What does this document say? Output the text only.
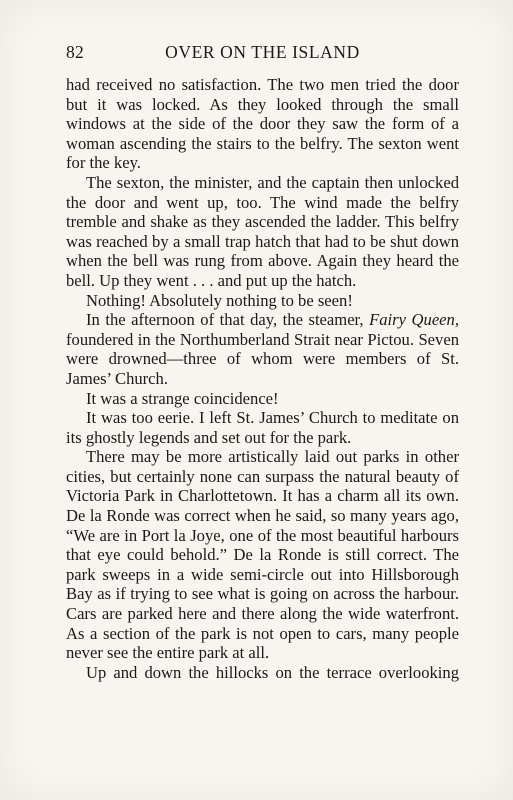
82	OVER ON THE ISLAND

had received no satisfaction. The two men tried the door but it was locked. As they looked through the small windows at the side of the door they saw the form of a woman ascending the stairs to the belfry. The sexton went for the key.

The sexton, the minister, and the captain then unlocked the door and went up, too. The wind made the belfry tremble and shake as they ascended the ladder. This belfry was reached by a small trap hatch that had to be shut down when the bell was rung from above. Again they heard the bell. Up they went . . . and put up the hatch.

Nothing! Absolutely nothing to be seen!

In the afternoon of that day, the steamer, Fairy Queen, foundered in the Northumberland Strait near Pictou. Seven were drowned—three of whom were members of St. James’ Church.

It was a strange coincidence!

It was too eerie. I left St. James’ Church to meditate on its ghostly legends and set out for the park.

There may be more artistically laid out parks in other cities, but certainly none can surpass the natural beauty of Victoria Park in Charlottetown. It has a charm all its own. De la Ronde was correct when he said, so many years ago, “We are in Port la Joye, one of the most beautiful harbours that eye could behold.” De la Ronde is still correct. The park sweeps in a wide semi-circle out into Hillsborough Bay as if trying to see what is going on across the harbour. Cars are parked here and there along the wide waterfront. As a section of the park is not open to cars, many people never see the entire park at all.

Up and down the hillocks on the terrace overlooking
